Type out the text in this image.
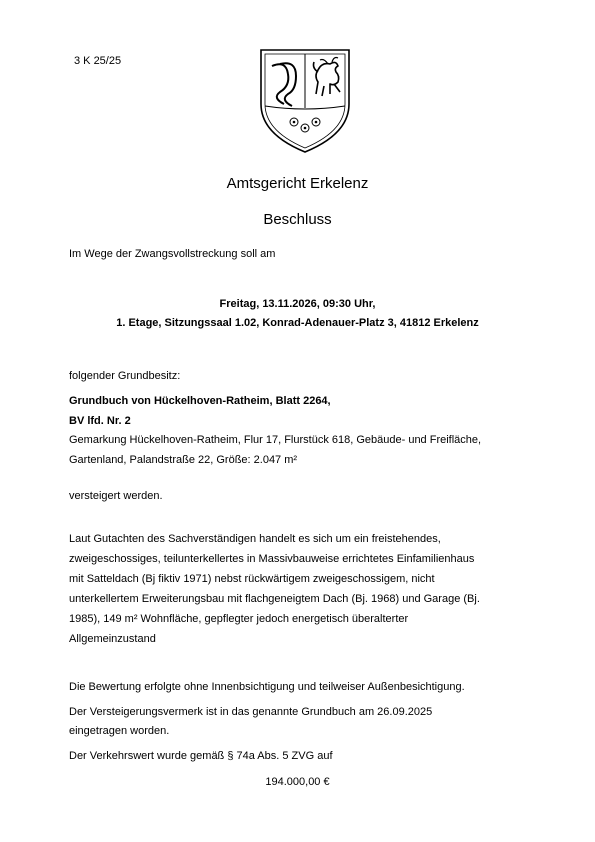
3 K 25/25
Amtsgericht Erkelenz
Beschluss
Im Wege der Zwangsvollstreckung soll am
Freitag, 13.11.2026, 09:30 Uhr,
1. Etage, Sitzungssaal 1.02, Konrad-Adenauer-Platz 3, 41812 Erkelenz
folgender Grundbesitz:
Grundbuch von Hückelhoven-Ratheim, Blatt 2264,
BV lfd. Nr. 2

Gemarkung Hückelhoven-Ratheim, Flur 17, Flurstück 618, Gebäude- und Freifläche,

Gartenland, Palandstraße 22, Größe: 2.047 m²

versteigert werden.

Laut Gutachten des Sachverständigen handelt es sich um ein freistehendes,

zweigeschossiges, teilunterkellertes in Massivbauweise errichtetes Einfamilienhaus

mit Satteldach (Bj fiktiv 1971) nebst rückwärtigem zweigeschossigem, nicht

unterkellertem Erweiterungsbau mit flachgeneigtem Dach (Bj. 1968) und Garage (Bj.

1985), 149 m² Wohnfläche, gepflegter jedoch energetisch überalterter

Allgemeinzustand

Die Bewertung erfolgte ohne Innenbsichtigung und teilweiser Außenbesichtigung.
Der Versteigerungsvermerk ist in das genannte Grundbuch am 26.09.2025
eingetragen worden.
Der Verkehrswert wurde gemäß § 74a Abs. 5 ZVG auf
194.000,00 €
